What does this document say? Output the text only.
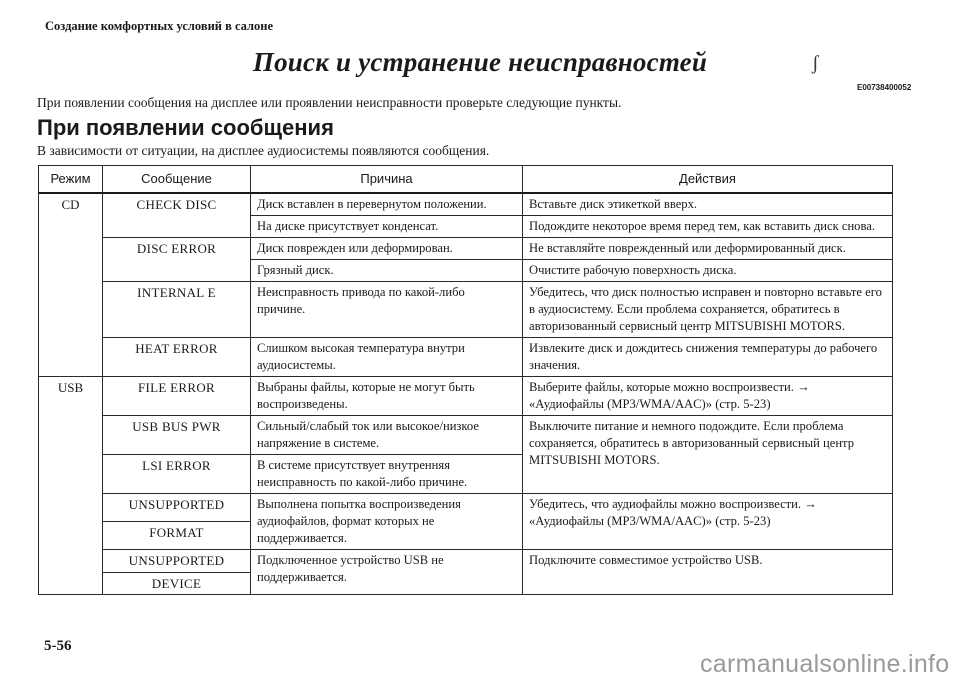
Создание комфортных условий в салоне
Поиск и устранение неисправностей	ʃ
E00738400052
При появлении сообщения на дисплее или проявлении неисправности проверьте следующие пункты.
При появлении сообщения
В зависимости от ситуации, на дисплее аудиосистемы появляются сообщения.
Режим	Сообщение	Причина	Действия
CD	CHECK DISC	Диск вставлен в перевернутом положении.	Вставьте диск этикеткой вверх.
		На диске присутствует конденсат.	Подождите некоторое время перед тем, как вставить диск снова.
	DISC ERROR	Диск поврежден или деформирован.	Не вставляйте поврежденный или деформированный диск.
		Грязный диск.	Очистите рабочую поверхность диска.
	INTERNAL E	Неисправность привода по какой-либо причине.	Убедитесь, что диск полностью исправен и повторно вставьте его в аудиосистему. Если проблема сохраняется, обратитесь в авторизованный сервисный центр MITSUBISHI MOTORS.
	HEAT ERROR	Слишком высокая температура внутри аудиосистемы.	Извлеките диск и дождитесь снижения температуры до рабочего значения.
USB	FILE ERROR	Выбраны файлы, которые не могут быть воспроизведены.	Выберите файлы, которые можно воспроизвести. → «Аудиофайлы (MP3/WMA/AAC)» (стр. 5-23)
	USB BUS PWR	Сильный/слабый ток или высокое/низкое напряжение в системе.	Выключите питание и немного подождите. Если проблема сохраняется, обратитесь в авторизованный сервисный центр MITSUBISHI MOTORS.
	LSI ERROR	В системе присутствует внутренняя неисправность по какой-либо причине.	
	UNSUPPORTED	Выполнена попытка воспроизведения аудиофайлов, формат которых не поддерживается.	Убедитесь, что аудиофайлы можно воспроизвести. → «Аудиофайлы (MP3/WMA/AAC)» (стр. 5-23)
	FORMAT		
	UNSUPPORTED	Подключенное устройство USB не поддерживается.	Подключите совместимое устройство USB.
	DEVICE		
5-56
carmanualsonline.info
